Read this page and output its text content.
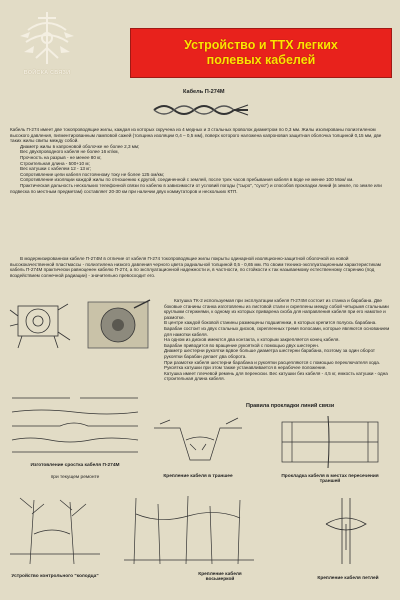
ВОЙСКА СВЯЗИ
Устройство и ТТХ легких
полевых кабелей
Кабель П-274М

Кабель П-274 имеет две токопроводящие жилы, каждая из которых скручена из 4 медных и 3 стальных проволок диаметром по 0,3 мм. Жилы изолированы полиэтиленом высокого давления, пигментированным ламповой сажей (толщина изоляции 0,4 – 0,5 мм), поверх которого наложена капроновая защитная оболочка толщиной 0,15 мм, две таких жилы свиты между собой.

Диаметр жилы в капроновой оболочке не более 2,3 мм;

Вес двухпроводного кабеля не более 16 кг/км,

Прочность на разрыв - не менее 80 кг,

Строительная длина - 500+10 м;

Вес катушки с кабелем 12 - 13 кг;

Сопротивление цепи кабеля постоянному току не более 125 ом/км;

Сопротивление изоляции каждой жилы по отношению к другой, соединенной с землей, после трех часов пребывания кабеля в воде не менее 100 Мом/ км.

Практическая дальность нескольких телефонной связи по кабелю в зависимости от условий погоды ("сыро", "сухо") и способов прокладки линий (в земле, по земле или подвеска по местным предметам) составляет 20-30 км при наличии двух коммутаторов и нескольких КТП.

В модернизированном кабеле П-274М в отличие от кабеля П-274 токопроводящие жилы покрыты одинарной изоляционно-защитной оболочкой из новой высококачественной пластмассы - полиэтилена низкого давления черного цвета радиальной толщиной 0,5 - 0,65 мм. По своим технико-эксплуатационным характеристикам кабель П-274М практически равноценен кабелю П-274, а по эксплуатационной надежности и, в частности, по стойкости к так называемому естественному старению (под воздействием солнечной радиации) - значительно превосходит его.

Катушка ТК-2 используемая при эксплуатации кабеля П-274М состоит из станка и барабана. Две боковые станины станка изготовлены из листовой стали и скреплены между собой четырьмя стальными круглыми стержнями, к одному из которых приварена скоба для направления кабеля при его намотке и размотке.

В центре каждой боковой станины размещены подшипники, в которых крепится полуось барабана. Барабан состоит из двух стальных дисков, скрепленных тремя полосами, которые являются основанием для намотки кабеля.

На одном из дисков имеются два контакта, к которым закрепляется конец кабеля.

Барабан приводится во вращение рукояткой с помощью двух шестерен.

Диаметр шестерни рукоятки вдвое больше диаметра шестерни барабана, поэтому за один оборот рукоятки барабан делает два оборота.

При размотке кабеля шестерни барабана и рукоятки расцепляются с помощью переключателя хода. Рукоятка катушки при этом также устанавливается в нерабочее положение.

Катушка имеет плечевой ремень для переноски. Вес катушки без кабеля - 4,5 кг, емкость катушки - одна строительная длина кабеля.

Изготовление сростка кабеля П-274М
при текущем ремонте
Правила прокладки линий связи
Крепление кабеля в траншее	Прокладка кабеля в местах пересечения траншей
Устройство контрольного "колодца"	Крепление кабеля восьмеркой	Крепление кабеля петлей
